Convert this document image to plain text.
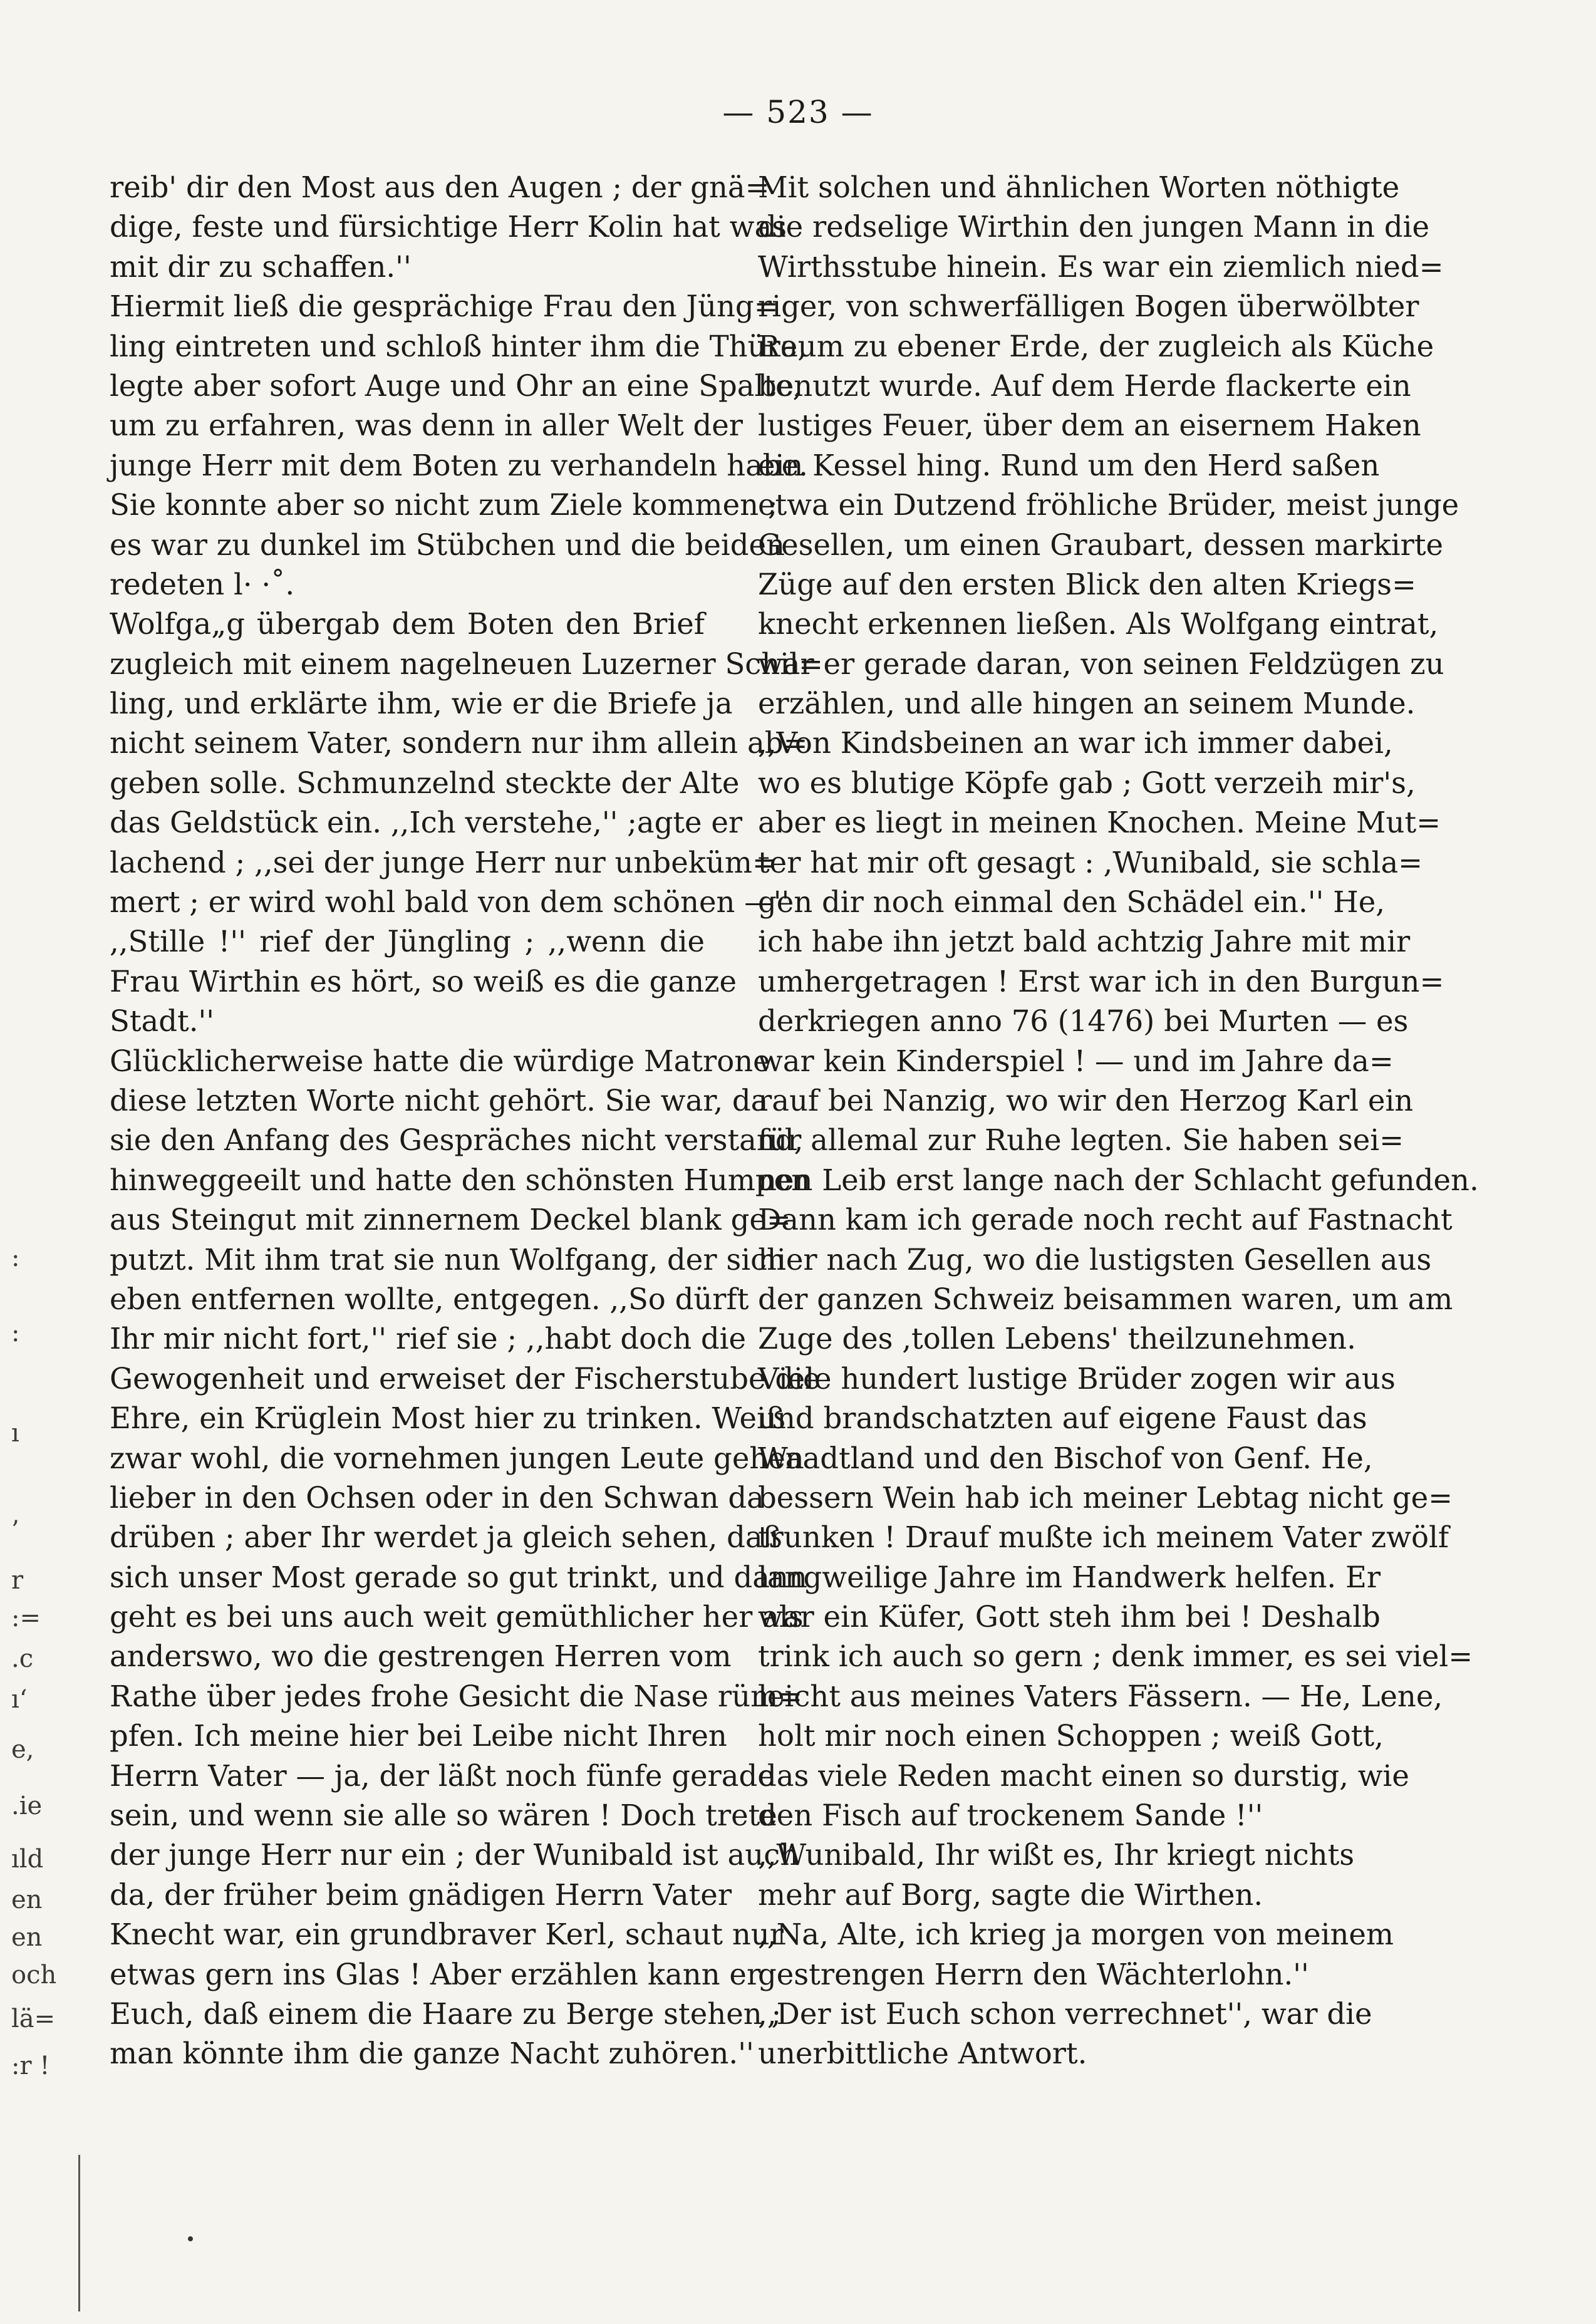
— 523 —
reib' dir den Most aus den Augen ; der gnä=
dige, feste und fürsichtige Herr Kolin hat was
mit dir zu schaffen.''
Hiermit ließ die gesprächige Frau den Jüng=
ling eintreten und schloß hinter ihm die Thüre,
legte aber sofort Auge und Ohr an eine Spalte,
um zu erfahren, was denn in aller Welt der
junge Herr mit dem Boten zu verhandeln habe.
Sie konnte aber so nicht zum Ziele kommen ;
es war zu dunkel im Stübchen und die beiden
redeten l· ·˚.
Wolfga„g übergab dem Boten den Brief
zugleich mit einem nagelneuen Luzerner Schil=
ling, und erklärte ihm, wie er die Briefe ja
nicht seinem Vater, sondern nur ihm allein ab=
geben solle. Schmunzelnd steckte der Alte
das Geldstück ein. ,,Ich verstehe,'' ;agte er
lachend ; ,,sei der junge Herr nur unbeküm=
mert ; er wird wohl bald von dem schönen —''
,,Stille !'' rief der Jüngling ; ,,wenn die
Frau Wirthin es hört, so weiß es die ganze
Stadt.''
Glücklicherweise hatte die würdige Matrone
diese letzten Worte nicht gehört. Sie war, da
sie den Anfang des Gespräches nicht verstand,
hinweggeeilt und hatte den schönsten Humpen
aus Steingut mit zinnernem Deckel blank ge=
putzt. Mit ihm trat sie nun Wolfgang, der sich
eben entfernen wollte, entgegen. ,,So dürft
Ihr mir nicht fort,'' rief sie ; ,,habt doch die
Gewogenheit und erweiset der Fischerstube die
Ehre, ein Krüglein Most hier zu trinken. Weiß
zwar wohl, die vornehmen jungen Leute gehen
lieber in den Ochsen oder in den Schwan da
drüben ; aber Ihr werdet ja gleich sehen, daß
sich unser Most gerade so gut trinkt, und dann
geht es bei uns auch weit gemüthlicher her als
anderswo, wo die gestrengen Herren vom
Rathe über jedes frohe Gesicht die Nase rüm=
pfen. Ich meine hier bei Leibe nicht Ihren
Herrn Vater — ja, der läßt noch fünfe gerade
sein, und wenn sie alle so wären ! Doch trete
der junge Herr nur ein ; der Wunibald ist auch
da, der früher beim gnädigen Herrn Vater
Knecht war, ein grundbraver Kerl, schaut nur
etwas gern ins Glas ! Aber erzählen kann er
Euch, daß einem die Haare zu Berge stehen ;
man könnte ihm die ganze Nacht zuhören.''
Mit solchen und ähnlichen Worten nöthigte
die redselige Wirthin den jungen Mann in die
Wirthsstube hinein. Es war ein ziemlich nied=
riger, von schwerfälligen Bogen überwölbter
Raum zu ebener Erde, der zugleich als Küche
benutzt wurde. Auf dem Herde flackerte ein
lustiges Feuer, über dem an eisernem Haken
ein Kessel hing. Rund um den Herd saßen
etwa ein Dutzend fröhliche Brüder, meist junge
Gesellen, um einen Graubart, dessen markirte
Züge auf den ersten Blick den alten Kriegs=
knecht erkennen ließen. Als Wolfgang eintrat,
war er gerade daran, von seinen Feldzügen zu
erzählen, und alle hingen an seinem Munde.
,,Von Kindsbeinen an war ich immer dabei,
wo es blutige Köpfe gab ; Gott verzeih mir's,
aber es liegt in meinen Knochen. Meine Mut=
ter hat mir oft gesagt : ,Wunibald, sie schla=
gen dir noch einmal den Schädel ein.'' He,
ich habe ihn jetzt bald achtzig Jahre mit mir
umhergetragen ! Erst war ich in den Burgun=
derkriegen anno 76 (1476) bei Murten — es
war kein Kinderspiel ! — und im Jahre da=
rauf bei Nanzig, wo wir den Herzog Karl ein
für allemal zur Ruhe legten. Sie haben sei=
nen Leib erst lange nach der Schlacht gefunden.
Dann kam ich gerade noch recht auf Fastnacht
hier nach Zug, wo die lustigsten Gesellen aus
der ganzen Schweiz beisammen waren, um am
Zuge des ,tollen Lebens' theilzunehmen.
Viele hundert lustige Brüder zogen wir aus
und brandschatzten auf eigene Faust das
Waadtland und den Bischof von Genf. He,
bessern Wein hab ich meiner Lebtag nicht ge=
trunken ! Drauf mußte ich meinem Vater zwölf
langweilige Jahre im Handwerk helfen. Er
war ein Küfer, Gott steh ihm bei ! Deshalb
trink ich auch so gern ; denk immer, es sei viel=
leicht aus meines Vaters Fässern. — He, Lene,
holt mir noch einen Schoppen ; weiß Gott,
das viele Reden macht einen so durstig, wie
den Fisch auf trockenem Sande !''
,,Wunibald, Ihr wißt es, Ihr kriegt nichts
mehr auf Borg, sagte die Wirthen.
,,Na, Alte, ich krieg ja morgen von meinem
gestrengen Herrn den Wächterlohn.''
,,Der ist Euch schon verrechnet'', war die
unerbittliche Antwort.
:
:
ı
’
r
:=
.c
ı‘
e,
.ie
ıld
en
en
och
lä=
:r !
